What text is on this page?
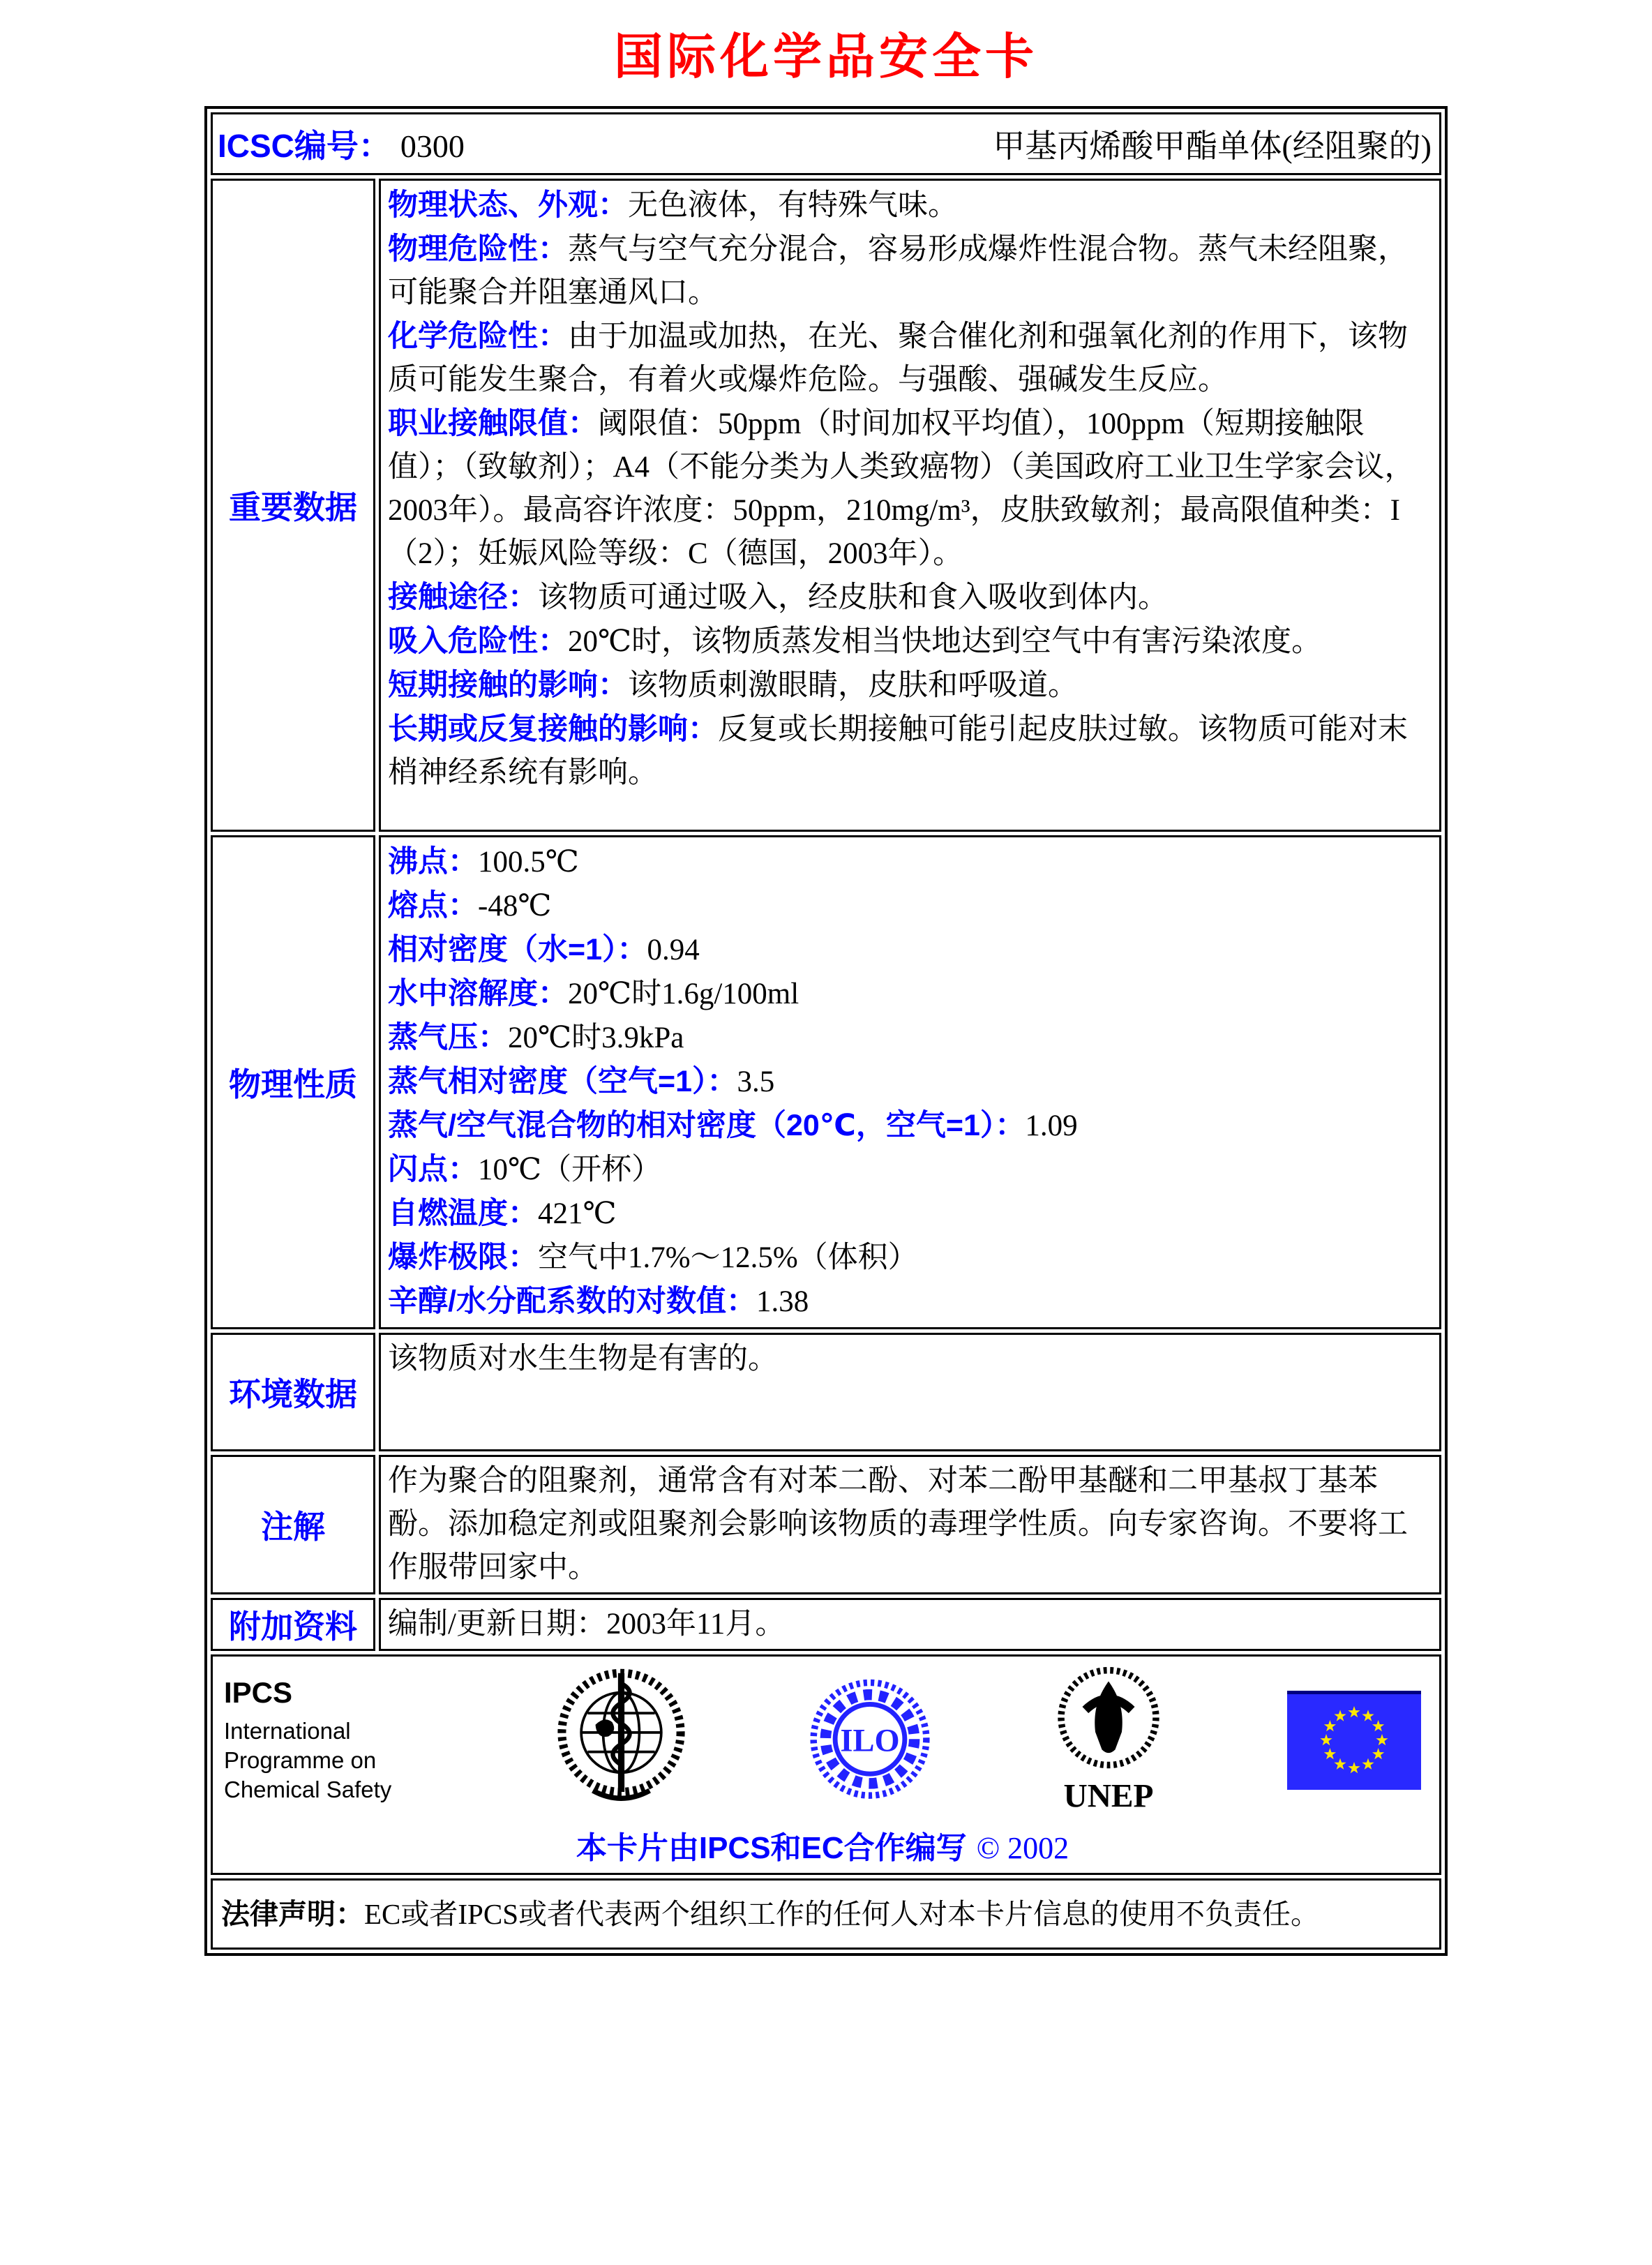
国际化学品安全卡
ICSC编号： 0300 甲基丙烯酸甲酯单体(经阻聚的)	

重要数据	
物理状态、外观：无色液体，有特殊气味。
物理危险性：蒸气与空气充分混合，容易形成爆炸性混合物。蒸气未经阻聚，可能聚合并阻塞通风口。
化学危险性：由于加温或加热，在光、聚合催化剂和强氧化剂的作用下，该物质可能发生聚合，有着火或爆炸危险。与强酸、强碱发生反应。
职业接触限值：阈限值：50ppm（时间加权平均值），100ppm（短期接触限值）；（致敏剂）；A4（不能分类为人类致癌物）（美国政府工业卫生学家会议，2003年）。最高容许浓度：50ppm，210mg/m³，皮肤致敏剂；最高限值种类：I（2）；妊娠风险等级：C（德国，2003年）。
接触途径：该物质可通过吸入，经皮肤和食入吸收到体内。
吸入危险性：20℃时，该物质蒸发相当快地达到空气中有害污染浓度。
短期接触的影响：该物质刺激眼睛，皮肤和呼吸道。
长期或反复接触的影响：反复或长期接触可能引起皮肤过敏。该物质可能对末梢神经系统有影响。

物理性质	
沸点：100.5℃
熔点：-48℃
相对密度（水=1）：0.94
水中溶解度：20℃时1.6g/100ml
蒸气压：20℃时3.9kPa
蒸气相对密度（空气=1）：3.5
蒸气/空气混合物的相对密度（20℃，空气=1）：1.09
闪点：10℃（开杯）
自燃温度：421℃
爆炸极限：空气中1.7%～12.5%（体积）
辛醇/水分配系数的对数值：1.38

环境数据	该物质对水生生物是有害的。

注解	作为聚合的阻聚剂，通常含有对苯二酚、对苯二酚甲基醚和二甲基叔丁基苯酚。添加稳定剂或阻聚剂会影响该物质的毒理学性质。向专家咨询。不要将工作服带回家中。

附加资料	编制/更新日期：2003年11月。

IPCS
International
Programme on
Chemical Safety
ILO
UNEP
本卡片由IPCS和EC合作编写 © 2002

法律声明：EC或者IPCS或者代表两个组织工作的任何人对本卡片信息的使用不负责任。	
